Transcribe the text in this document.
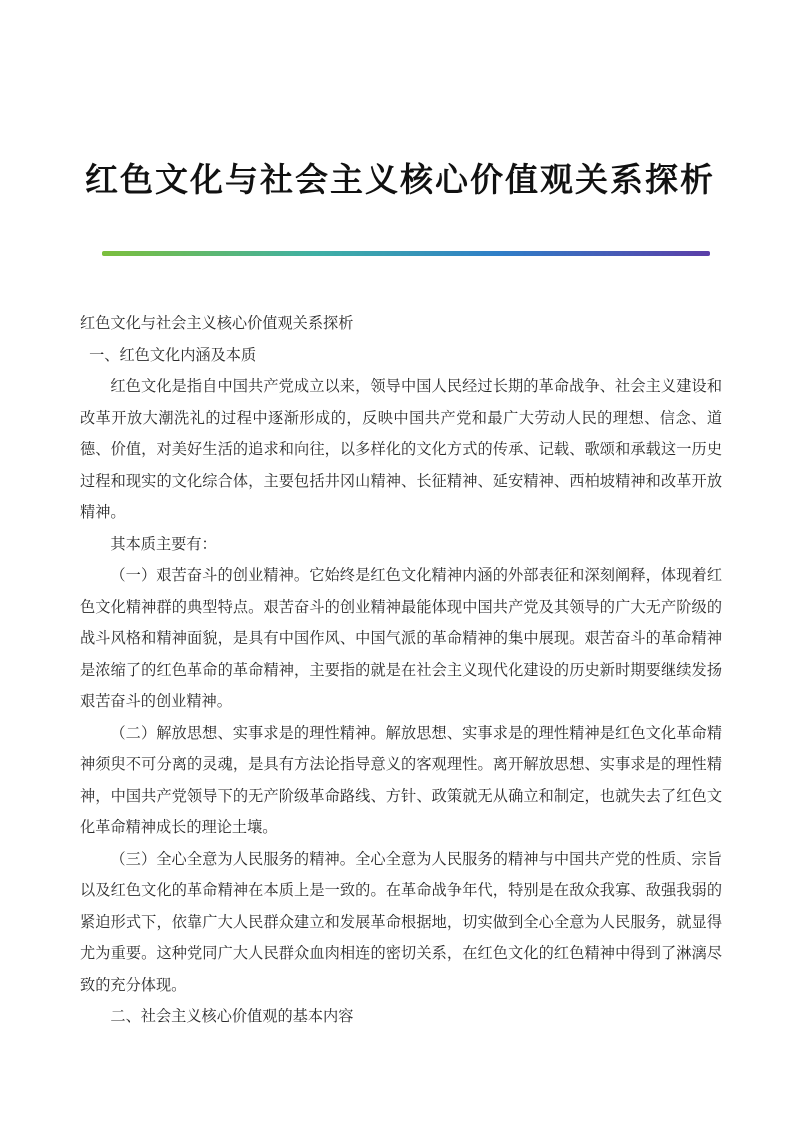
红色文化与社会主义核心价值观关系探析

红色文化与社会主义核心价值观关系探析

一、红色文化内涵及本质

红色文化是指自中国共产党成立以来，领导中国人民经过长期的革命战争、社会主义建设和改革开放大潮洗礼的过程中逐渐形成的，反映中国共产党和最广大劳动人民的理想、信念、道德、价值，对美好生活的追求和向往，以多样化的文化方式的传承、记载、歌颂和承载这一历史过程和现实的文化综合体，主要包括井冈山精神、长征精神、延安精神、西柏坡精神和改革开放精神。

其本质主要有：

（一）艰苦奋斗的创业精神。它始终是红色文化精神内涵的外部表征和深刻阐释，体现着红色文化精神群的典型特点。艰苦奋斗的创业精神最能体现中国共产党及其领导的广大无产阶级的战斗风格和精神面貌，是具有中国作风、中国气派的革命精神的集中展现。艰苦奋斗的革命精神是浓缩了的红色革命的革命精神，主要指的就是在社会主义现代化建设的历史新时期要继续发扬艰苦奋斗的创业精神。

（二）解放思想、实事求是的理性精神。解放思想、实事求是的理性精神是红色文化革命精神须臾不可分离的灵魂，是具有方法论指导意义的客观理性。离开解放思想、实事求是的理性精神，中国共产党领导下的无产阶级革命路线、方针、政策就无从确立和制定，也就失去了红色文化革命精神成长的理论土壤。

（三）全心全意为人民服务的精神。全心全意为人民服务的精神与中国共产党的性质、宗旨以及红色文化的革命精神在本质上是一致的。在革命战争年代，特别是在敌众我寡、敌强我弱的紧迫形式下，依靠广大人民群众建立和发展革命根据地，切实做到全心全意为人民服务，就显得尤为重要。这种党同广大人民群众血肉相连的密切关系，在红色文化的红色精神中得到了淋漓尽致的充分体现。

二、社会主义核心价值观的基本内容
